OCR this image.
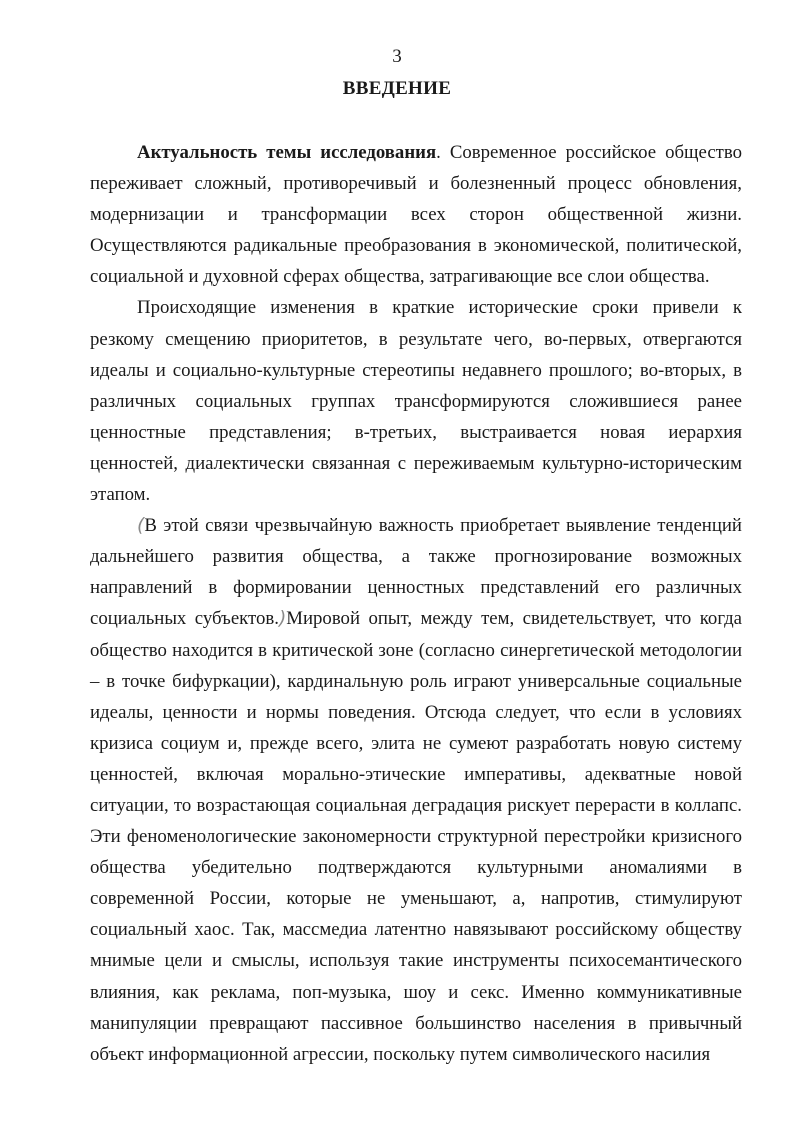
3
ВВЕДЕНИЕ

Актуальность темы исследования. Современное российское общество переживает сложный, противоречивый и болезненный процесс обновления, модернизации и трансформации всех сторон общественной жизни. Осуществляются радикальные преобразования в экономической, политической, социальной и духовной сферах общества, затрагивающие все слои общества.

Происходящие изменения в краткие исторические сроки привели к резкому смещению приоритетов, в результате чего, во-первых, отвергаются идеалы и социально-культурные стереотипы недавнего прошлого; во-вторых, в различных социальных группах трансформируются сложившиеся ранее ценностные представления; в-третьих, выстраивается новая иерархия ценностей, диалектически связанная с переживаемым культурно-историческим этапом.

(В этой связи чрезвычайную важность приобретает выявление тенденций дальнейшего развития общества, а также прогнозирование возможных направлений в формировании ценностных представлений его различных социальных субъектов.)Мировой опыт, между тем, свидетельствует, что когда общество находится в критической зоне (согласно синергетической методологии – в точке бифуркации), кардинальную роль играют универсальные социальные идеалы, ценности и нормы поведения. Отсюда следует, что если в условиях кризиса социум и, прежде всего, элита не сумеют разработать новую систему ценностей, включая морально-этические императивы, адекватные новой ситуации, то возрастающая социальная деградация рискует перерасти в коллапс. Эти феноменологические закономерности структурной перестройки кризисного общества убедительно подтверждаются культурными аномалиями в современной России, которые не уменьшают, а, напротив, стимулируют социальный хаос. Так, массмедиа латентно навязывают российскому обществу мнимые цели и смыслы, используя такие инструменты психосемантического влияния, как реклама, поп-музыка, шоу и секс. Именно коммуникативные манипуляции превращают пассивное большинство населения в привычный объект информационной агрессии, поскольку путем символического насилия
